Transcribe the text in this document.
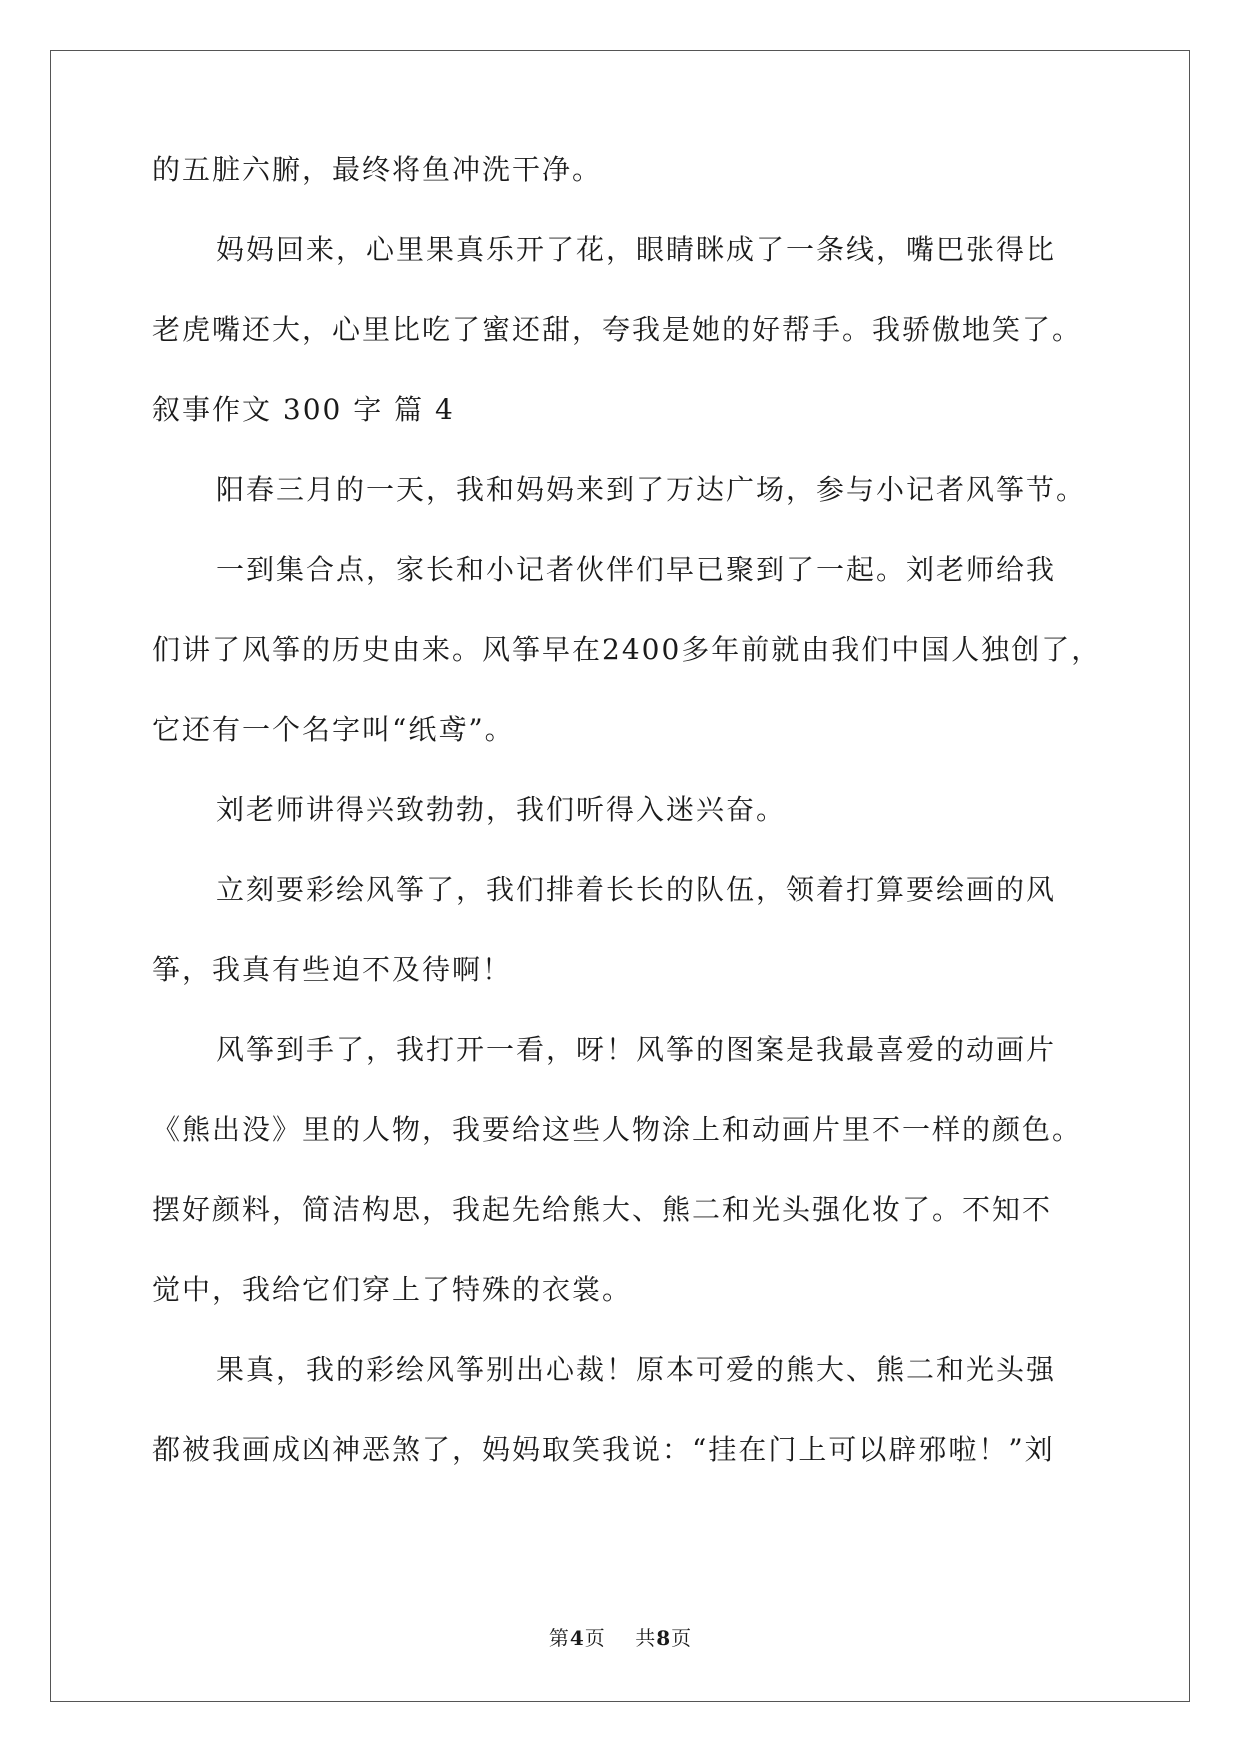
的五脏六腑，最终将鱼冲洗干净。
妈妈回来，心里果真乐开了花，眼睛眯成了一条线，嘴巴张得比
老虎嘴还大，心里比吃了蜜还甜，夸我是她的好帮手。我骄傲地笑了。
叙事作文 300 字 篇 4
阳春三月的一天，我和妈妈来到了万达广场，参与小记者风筝节。
一到集合点，家长和小记者伙伴们早已聚到了一起。刘老师给我
们讲了风筝的历史由来。风筝早在2400多年前就由我们中国人独创了，
它还有一个名字叫“纸鸢”。
刘老师讲得兴致勃勃，我们听得入迷兴奋。
立刻要彩绘风筝了，我们排着长长的队伍，领着打算要绘画的风
筝，我真有些迫不及待啊！
风筝到手了，我打开一看，呀！风筝的图案是我最喜爱的动画片
《熊出没》里的人物，我要给这些人物涂上和动画片里不一样的颜色。
摆好颜料，简洁构思，我起先给熊大、熊二和光头强化妆了。不知不
觉中，我给它们穿上了特殊的衣裳。
果真，我的彩绘风筝别出心裁！原本可爱的熊大、熊二和光头强
都被我画成凶神恶煞了，妈妈取笑我说：“挂在门上可以辟邪啦！”刘
第4页 共8页
